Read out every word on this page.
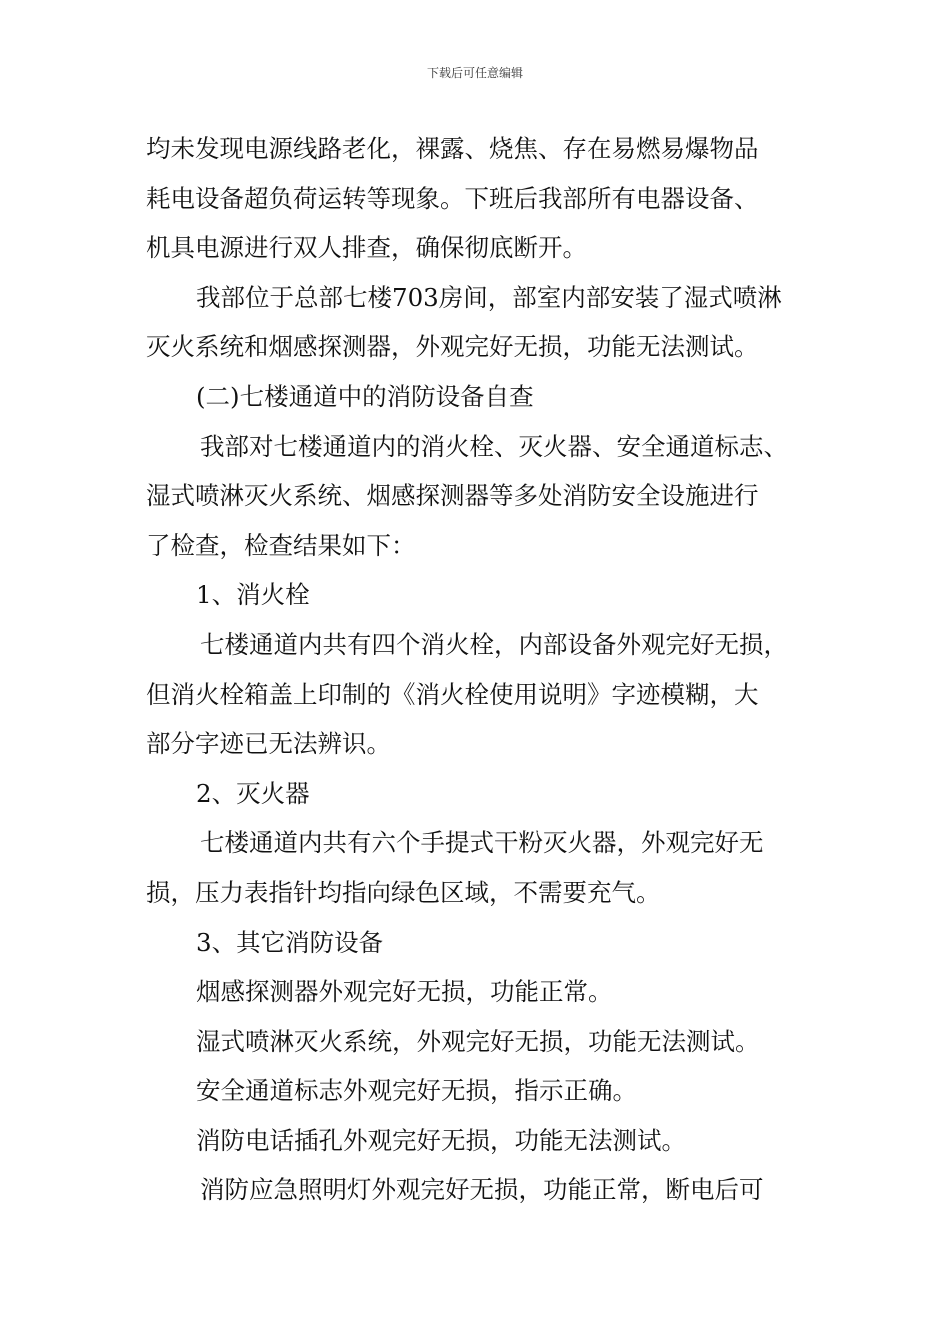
下载后可任意编辑
均未发现电源线路老化，裸露、烧焦、存在易燃易爆物品
耗电设备超负荷运转等现象。下班后我部所有电器设备、
机具电源进行双人排查，确保彻底断开。
我部位于总部七楼703房间，部室内部安装了湿式喷淋
灭火系统和烟感探测器，外观完好无损，功能无法测试。
(二)七楼通道中的消防设备自查
我部对七楼通道内的消火栓、灭火器、安全通道标志、
湿式喷淋灭火系统、烟感探测器等多处消防安全设施进行
了检查，检查结果如下：
1、消火栓
七楼通道内共有四个消火栓，内部设备外观完好无损，
但消火栓箱盖上印制的《消火栓使用说明》字迹模糊，大
部分字迹已无法辨识。
2、灭火器
七楼通道内共有六个手提式干粉灭火器，外观完好无
损，压力表指针均指向绿色区域，不需要充气。
3、其它消防设备
烟感探测器外观完好无损，功能正常。
湿式喷淋灭火系统，外观完好无损，功能无法测试。
安全通道标志外观完好无损，指示正确。
消防电话插孔外观完好无损，功能无法测试。
消防应急照明灯外观完好无损，功能正常，断电后可
